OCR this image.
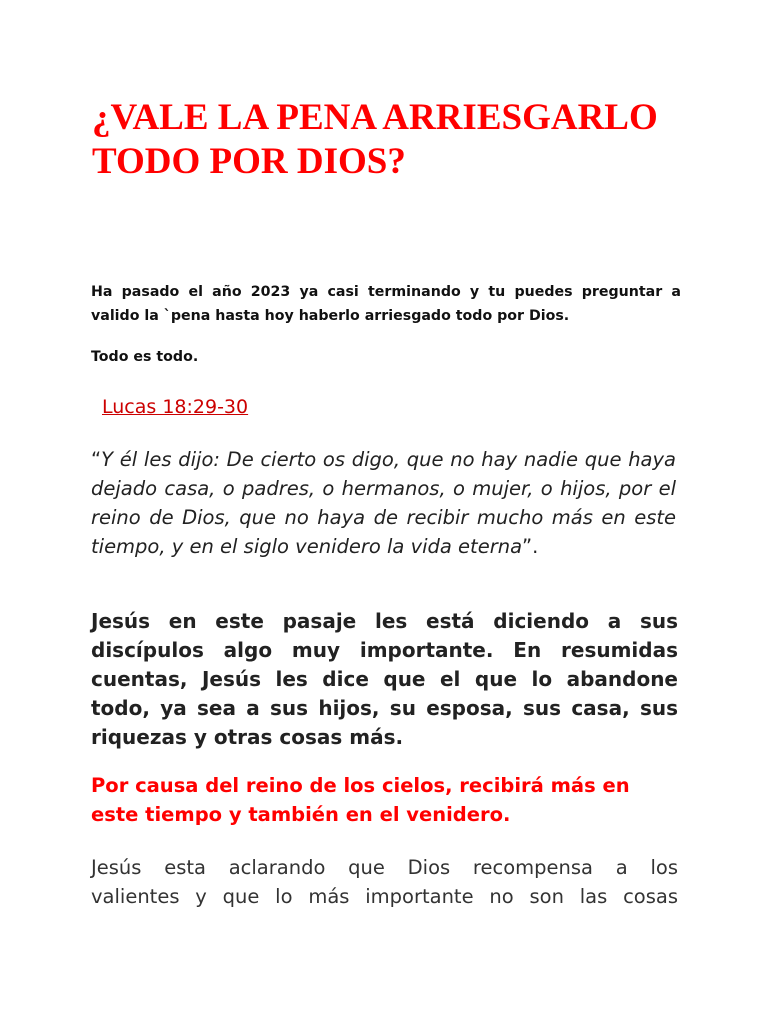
¿VALE LA PENA ARRIESGARLO TODO POR DIOS?

Ha pasado el año 2023 ya casi terminando y tu puedes preguntar a valido la `pena hasta hoy haberlo arriesgado todo por Dios.

Todo es todo.

Lucas 18:29-30

“Y él les dijo: De cierto os digo, que no hay nadie que haya dejado casa, o padres, o hermanos, o mujer, o hijos, por el reino de Dios, que no haya de recibir mucho más en este tiempo, y en el siglo venidero la vida eterna”.

Jesús en este pasaje les está diciendo a sus discípulos algo muy importante. En resumidas cuentas, Jesús les dice que el que lo abandone todo, ya sea a sus hijos, su esposa, sus casa, sus riquezas y otras cosas más.

Por causa del reino de los cielos, recibirá más en este tiempo y también en el venidero.

Jesús esta aclarando que Dios recompensa a los
valientes y que lo más importante no son las cosas
